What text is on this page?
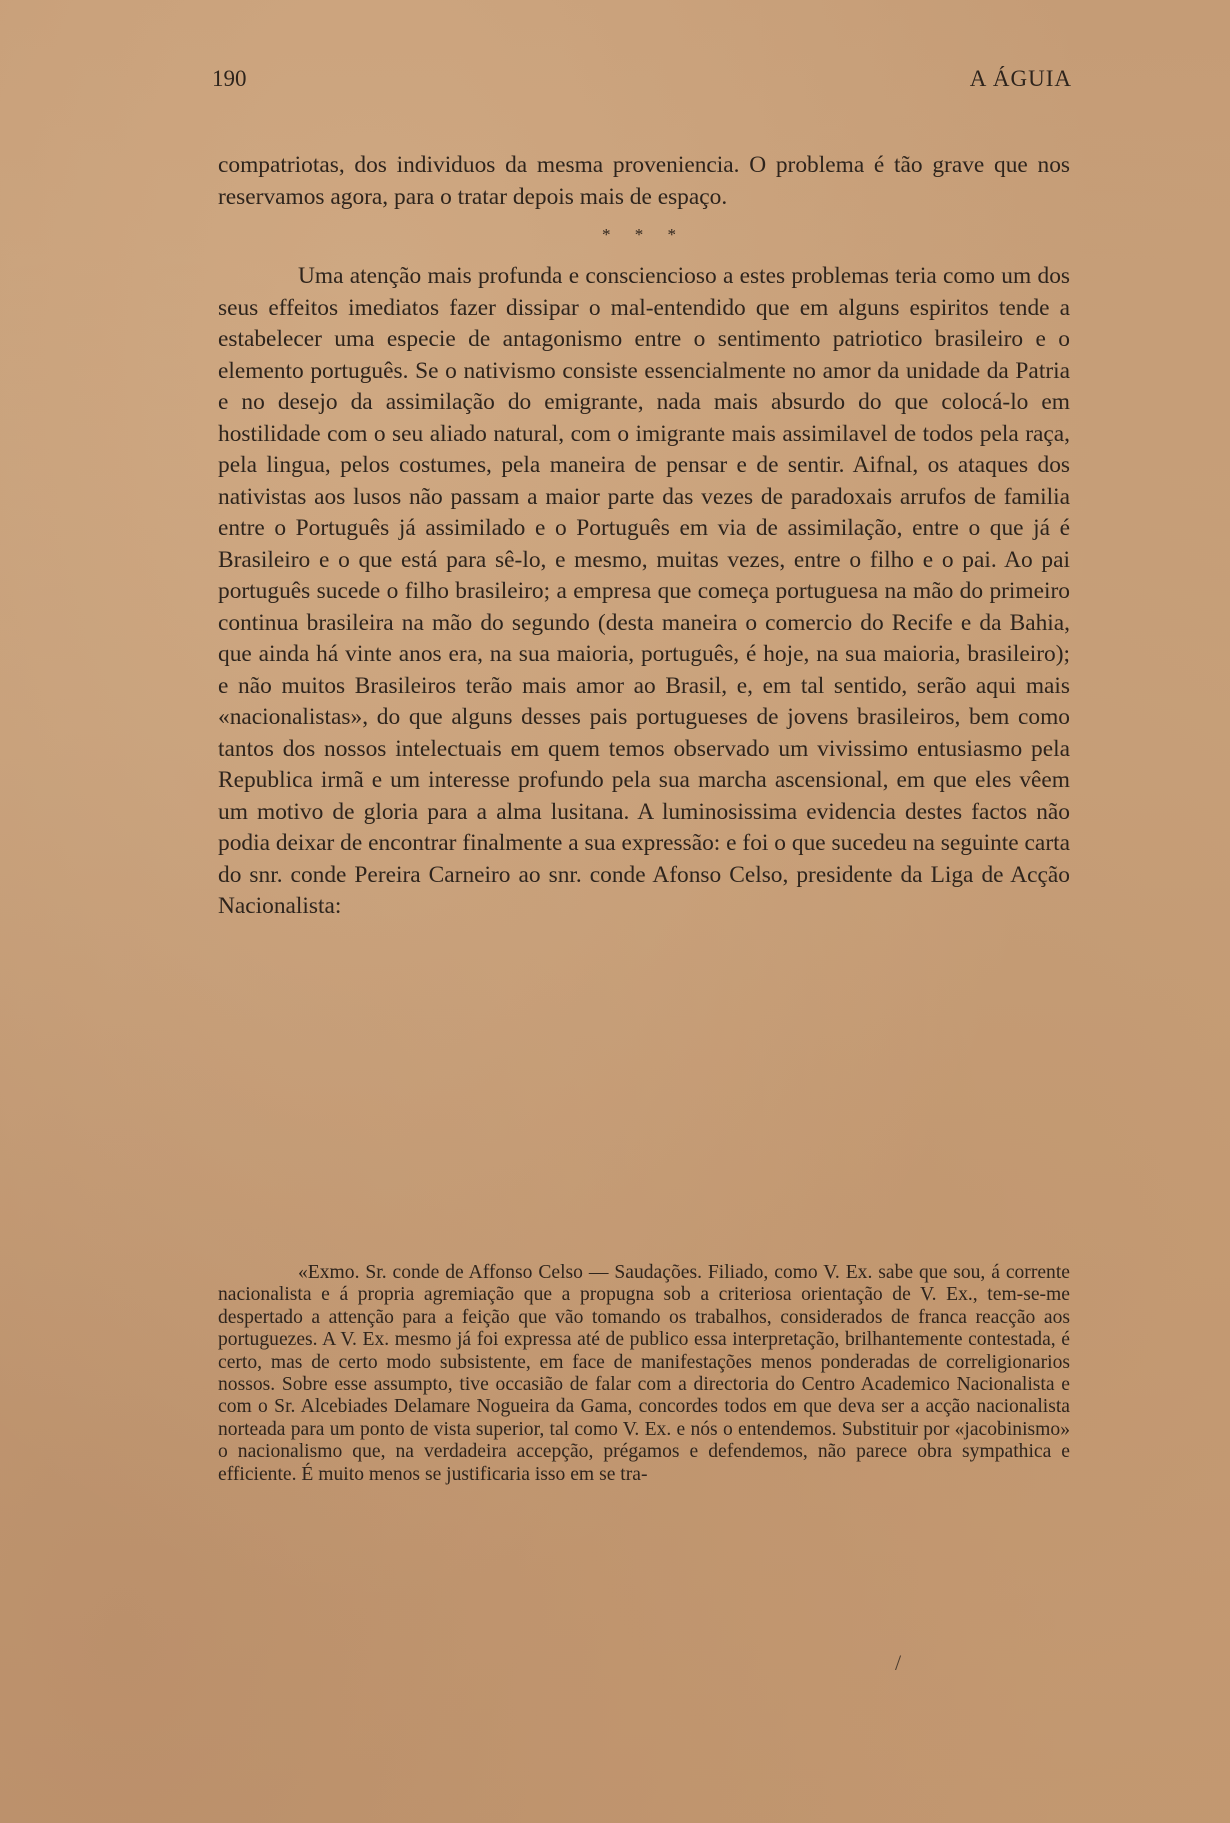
190	A ÁGUIA

compatriotas, dos individuos da mesma proveniencia. O problema é tão grave que nos reservamos agora, para o tratar depois mais de espaço.

* * *

Uma atenção mais profunda e consciencioso a estes problemas teria como um dos seus effeitos imediatos fazer dissipar o mal-entendido que em alguns espiritos tende a estabelecer uma especie de antagonismo entre o sentimento patriotico brasileiro e o elemento português. Se o nativismo consiste essencialmente no amor da unidade da Patria e no desejo da assimilação do emigrante, nada mais absurdo do que colocá-lo em hostilidade com o seu aliado natural, com o imigrante mais assimilavel de todos pela raça, pela lingua, pelos costumes, pela maneira de pensar e de sentir. Aifnal, os ataques dos nativistas aos lusos não passam a maior parte das vezes de paradoxais arrufos de familia entre o Português já assimilado e o Português em via de assimilação, entre o que já é Brasileiro e o que está para sê-lo, e mesmo, muitas vezes, entre o filho e o pai. Ao pai português sucede o filho brasileiro; a empresa que começa portuguesa na mão do primeiro continua brasileira na mão do segundo (desta maneira o comercio do Recife e da Bahia, que ainda há vinte anos era, na sua maioria, português, é hoje, na sua maioria, brasileiro); e não muitos Brasileiros terão mais amor ao Brasil, e, em tal sentido, serão aqui mais «nacionalistas», do que alguns desses pais portugueses de jovens brasileiros, bem como tantos dos nossos intelectuais em quem temos observado um vivissimo entusiasmo pela Republica irmã e um interesse profundo pela sua marcha ascensional, em que eles vêem um motivo de gloria para a alma lusitana. A luminosissima evidencia destes factos não podia deixar de encontrar finalmente a sua expressão: e foi o que sucedeu na seguinte carta do snr. conde Pereira Carneiro ao snr. conde Afonso Celso, presidente da Liga de Acção Nacionalista:

«Exmo. Sr. conde de Affonso Celso — Saudações. Filiado, como V. Ex. sabe que sou, á corrente nacionalista e á propria agremiação que a propugna sob a criteriosa orientação de V. Ex., tem-se-me despertado a attenção para a feição que vão tomando os trabalhos, considerados de franca reacção aos portuguezes. A V. Ex. mesmo já foi expressa até de publico essa interpretação, brilhantemente contestada, é certo, mas de certo modo subsistente, em face de manifestações menos ponderadas de correligionarios nossos. Sobre esse assumpto, tive occasião de falar com a directoria do Centro Academico Nacionalista e com o Sr. Alcebiades Delamare Nogueira da Gama, concordes todos em que deva ser a acção nacionalista norteada para um ponto de vista superior, tal como V. Ex. e nós o entendemos. Substituir por «jacobinismo» o nacionalismo que, na verdadeira accepção, prégamos e defendemos, não parece obra sympathica e efficiente. É muito menos se justificaria isso em se tra-

/
